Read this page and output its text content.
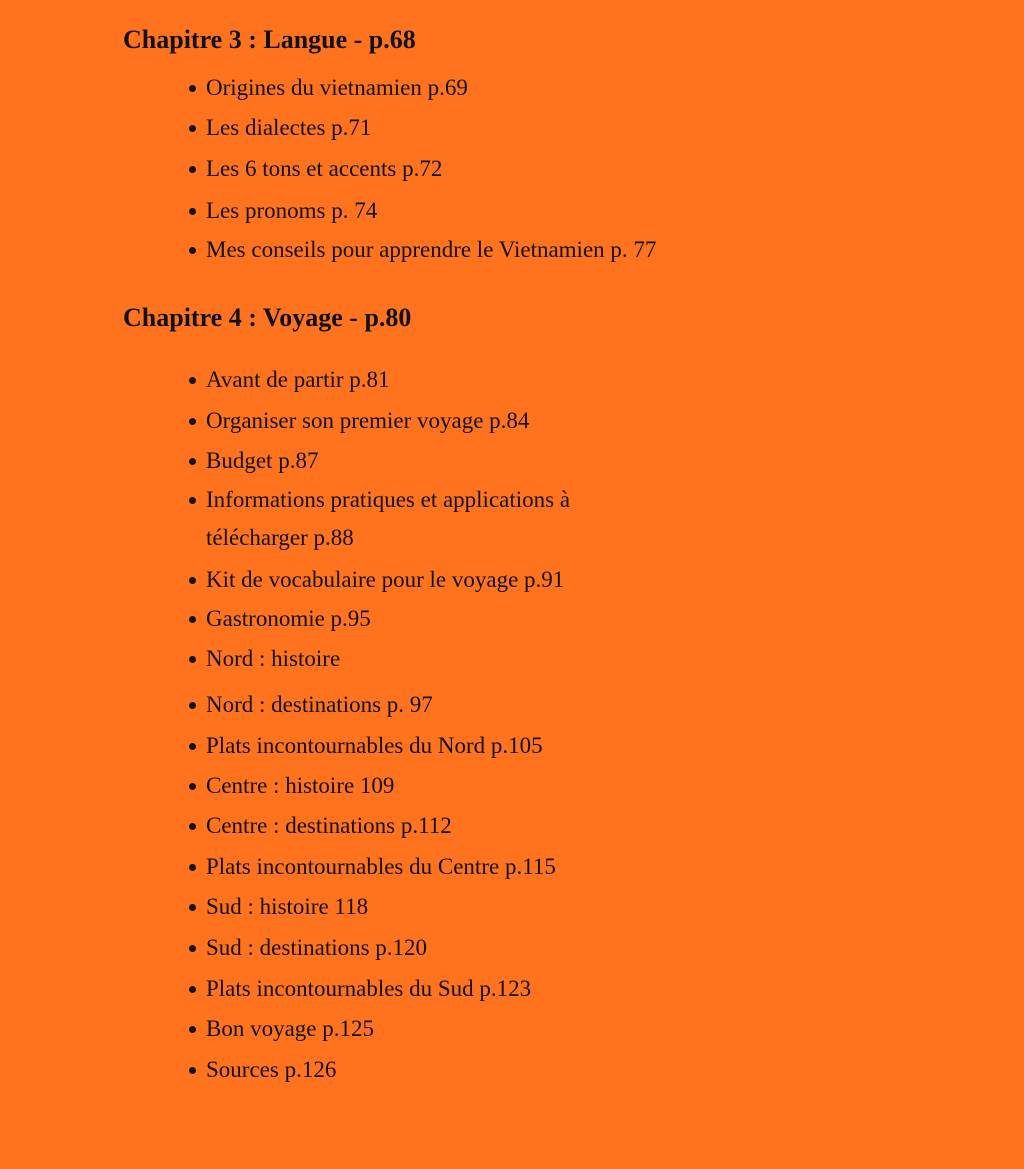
Chapitre 3 : Langue - p.68
Origines du vietnamien p.69
Les dialectes p.71
Les 6 tons et accents p.72
Les pronoms p. 74
Mes conseils pour apprendre le Vietnamien p. 77
Chapitre 4 : Voyage - p.80
Avant de partir p.81
Organiser son premier voyage p.84
Budget p.87
Informations pratiques et applications à télécharger p.88
Kit de vocabulaire pour le voyage p.91
Gastronomie p.95
Nord : histoire
Nord : destinations p. 97
Plats incontournables du Nord p.105
Centre : histoire 109
Centre : destinations p.112
Plats incontournables du Centre p.115
Sud : histoire 118
Sud : destinations p.120
Plats incontournables du Sud p.123
Bon voyage p.125
Sources p.126
